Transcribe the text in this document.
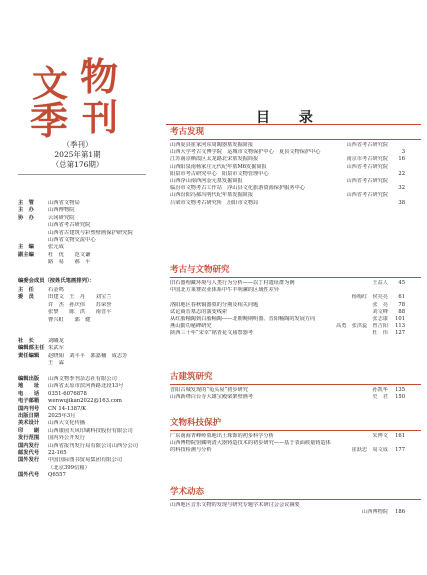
文 物
季 刊
（季刊）
2025年第1期
（总第176期）
主　管	山西省文物局
主　办	山西博物院
协　办	云冈研究院
山西省考古研究院
山西省古建筑与彩塑壁画保护研究院
山西省文物交流中心
主　编	张元成
副主编	杜　优　　范文谦
路　易　　郝　平
编委会成员（按姓氏笔画排列）：
主　任	石金鸣
委　员	田建文　王　丹　　刘宝兰
许　杰　孙庆伟　　苏荣誉
张黎　　陈　洪　　南晋平
曹兴虹　　郭　健
社　长	刘曦龙
编辑部主任 朱武军
责任编辑	赵晓娟　刘平平　郭嘉楠　成志芳
王　霖
编辑出版	山西文物季刊杂志社有限公司
地　　址	山西省太原市滨河西路北段13号
电　　话	0351-6076878
电子邮箱	wenwujikan2022@163.com
国内刊号	CN 14-1387/K
出版日期	2025年3月
美术设计	山西大文化传播
印　　刷	山西康园天风印刷科技股份有限公司
发行范围	国内外公开发行
国内发行	山西省报刊发行局有限公司山西分公司
邮发代号	22-165
国外发行	中国国际图书贸易集团有限公司
（北京399信箱）
国外代号	Q6557
目 录
考古发现
山西夏县崔家河东周陶器墓发掘简报	山西省考古研究院
山西大学考古文博学院　运城市文物保护中心　夏县文物保护中心	3
江苏南京栖霞区太龙路北宋墓发掘简报	南京市考古研究院	16
山西阳泉南杨家庄元代纪年墓M6发掘简报	山西省考古研究院
阳泉市考古研究中心　阳泉市文物管理中心	22
山西浮山南西河金元墓发掘简报	山西省考古研究院
临汾市文物考古工作站　浮山县文化旅游资源保护服务中心	32
山西汾阳冯郝冯明代纪年墓发掘简报	山西省考古研究院
吕梁市文物考古研究所　汾阳市文物局	38
考古与文物研究
旧石器埋藏环境与人类行为分析——以丁村遗址群为例	王益人	45
中国北方莱赛农业体系中牛羊明骡的区域性差异
杨梅红　侯亮亮	61
洛阳地区春秋铜器墓的分期及相关问题	张　亮	78
试论商晋墓志的演变线索	刘文峰	88
从红胎釉陶到白胎釉陶——北朝晚期明器、晋阳釉陶的发展方向	张志康	101
燕山勤功秘碑研究	高勇　张洪蕊　曾吉阳	113
陕西三十年“宋幸”铭青花文庙祭器考	杜　伟	127
古建筑研究
晋阳古城发现的“龟头屋”初步研究	孙凯华	135
山西新绛白台寺大雄宝殿梁架壁画考	史　君	150
文物科技保护
广东南海青峰岭墓地出土珠饰的初步科学分析	朱博文	161
山西博物院馆藏明清大器铸造技术的初步研究——基于表面痕量铸造体
的科技检测与分析	崔跃忠　周文成	177
学术动态
山西地区音乐文物的发现与研究专题学术研讨会会议摘要
山西博物院	186
